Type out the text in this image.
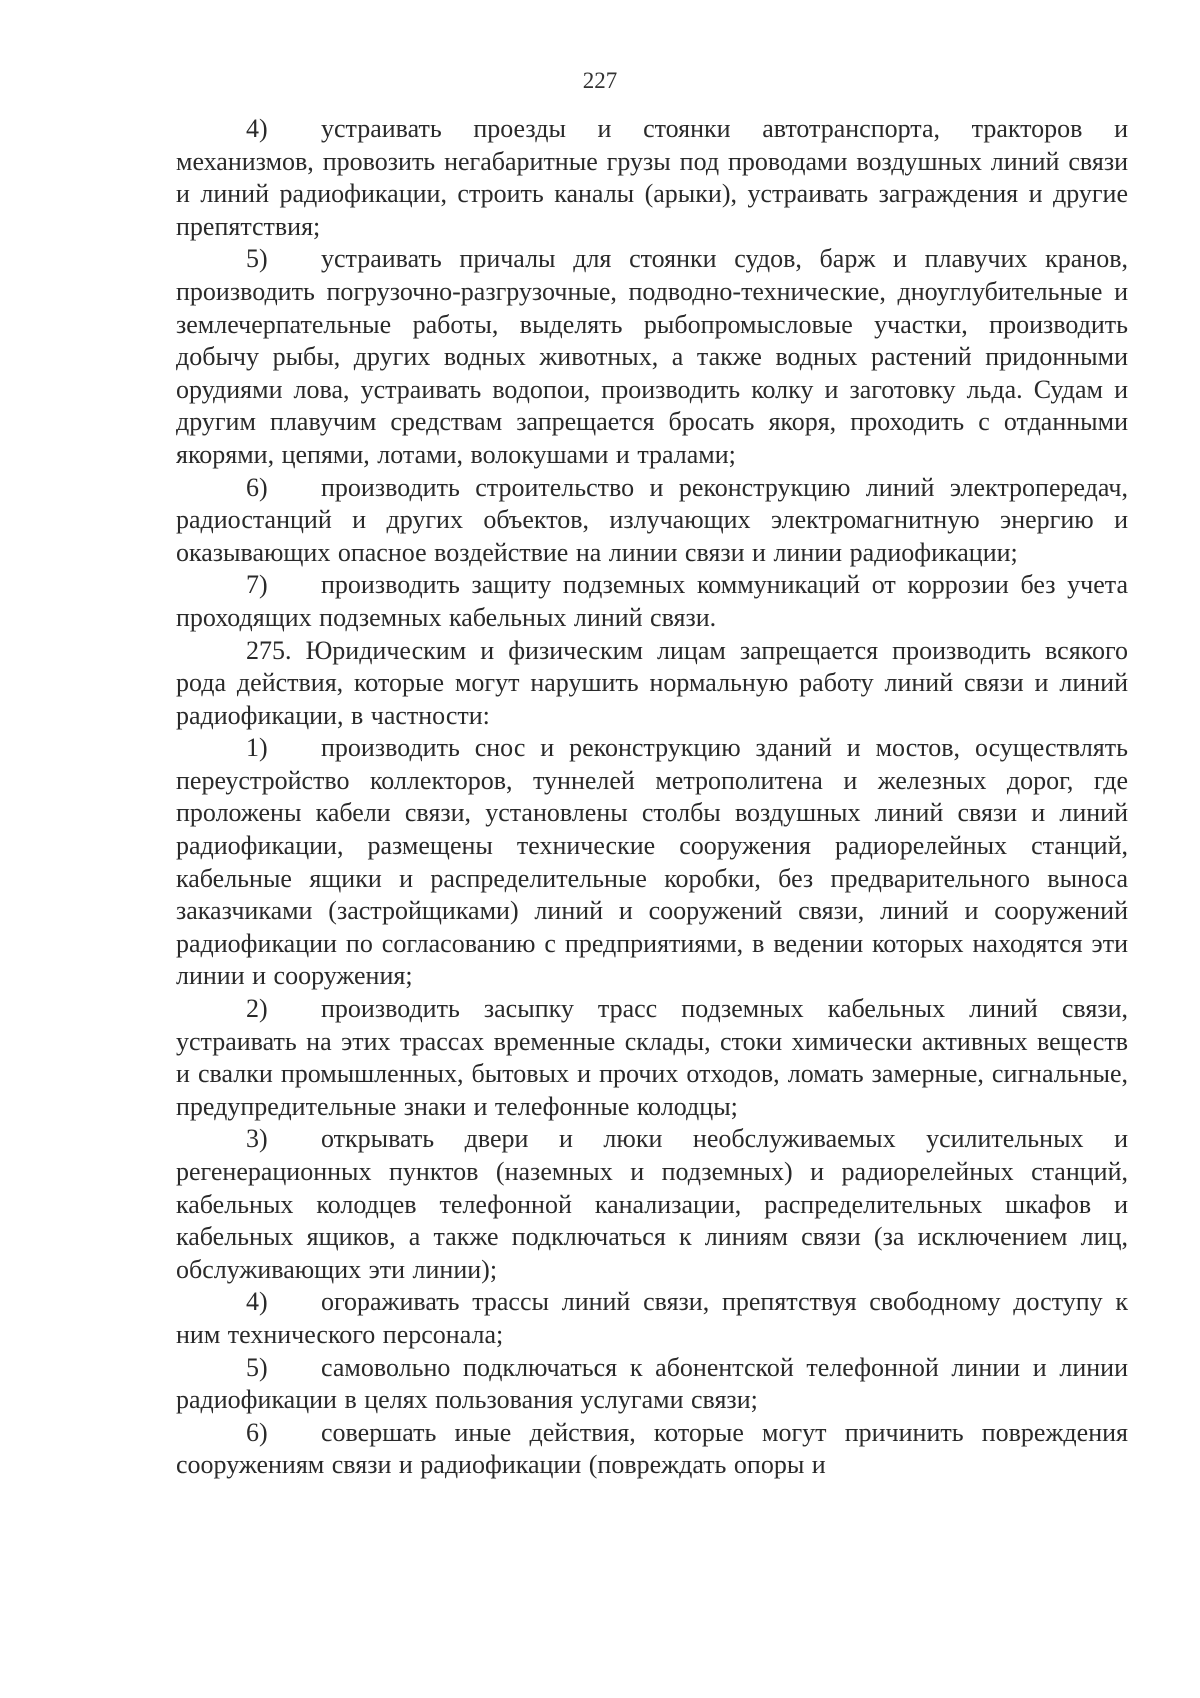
227

4) устраивать проезды и стоянки автотранспорта, тракторов и механизмов, провозить негабаритные грузы под проводами воздушных линий связи и линий радиофикации, строить каналы (арыки), устраивать заграждения и другие препятствия;

5) устраивать причалы для стоянки судов, барж и плавучих кранов, производить погрузочно-разгрузочные, подводно-технические, дноуглубительные и землечерпательные работы, выделять рыбопромысловые участки, производить добычу рыбы, других водных животных, а также водных растений придонными орудиями лова, устраивать водопои, производить колку и заготовку льда. Судам и другим плавучим средствам запрещается бросать якоря, проходить с отданными якорями, цепями, лотами, волокушами и тралами;

6) производить строительство и реконструкцию линий электропередач, радиостанций и других объектов, излучающих электромагнитную энергию и оказывающих опасное воздействие на линии связи и линии радиофикации;

7) производить защиту подземных коммуникаций от коррозии без учета проходящих подземных кабельных линий связи.

275. Юридическим и физическим лицам запрещается производить всякого рода действия, которые могут нарушить нормальную работу линий связи и линий радиофикации, в частности:

1) производить снос и реконструкцию зданий и мостов, осуществлять переустройство коллекторов, туннелей метрополитена и железных дорог, где проложены кабели связи, установлены столбы воздушных линий связи и линий радиофикации, размещены технические сооружения радиорелейных станций, кабельные ящики и распределительные коробки, без предварительного выноса заказчиками (застройщиками) линий и сооружений связи, линий и сооружений радиофикации по согласованию с предприятиями, в ведении которых находятся эти линии и сооружения;

2) производить засыпку трасс подземных кабельных линий связи, устраивать на этих трассах временные склады, стоки химически активных веществ и свалки промышленных, бытовых и прочих отходов, ломать замерные, сигнальные, предупредительные знаки и телефонные колодцы;

3) открывать двери и люки необслуживаемых усилительных и регенерационных пунктов (наземных и подземных) и радиорелейных станций, кабельных колодцев телефонной канализации, распределительных шкафов и кабельных ящиков, а также подключаться к линиям связи (за исключением лиц, обслуживающих эти линии);

4) огораживать трассы линий связи, препятствуя свободному доступу к ним технического персонала;

5) самовольно подключаться к абонентской телефонной линии и линии радиофикации в целях пользования услугами связи;

6) совершать иные действия, которые могут причинить повреждения сооружениям связи и радиофикации (повреждать опоры и
